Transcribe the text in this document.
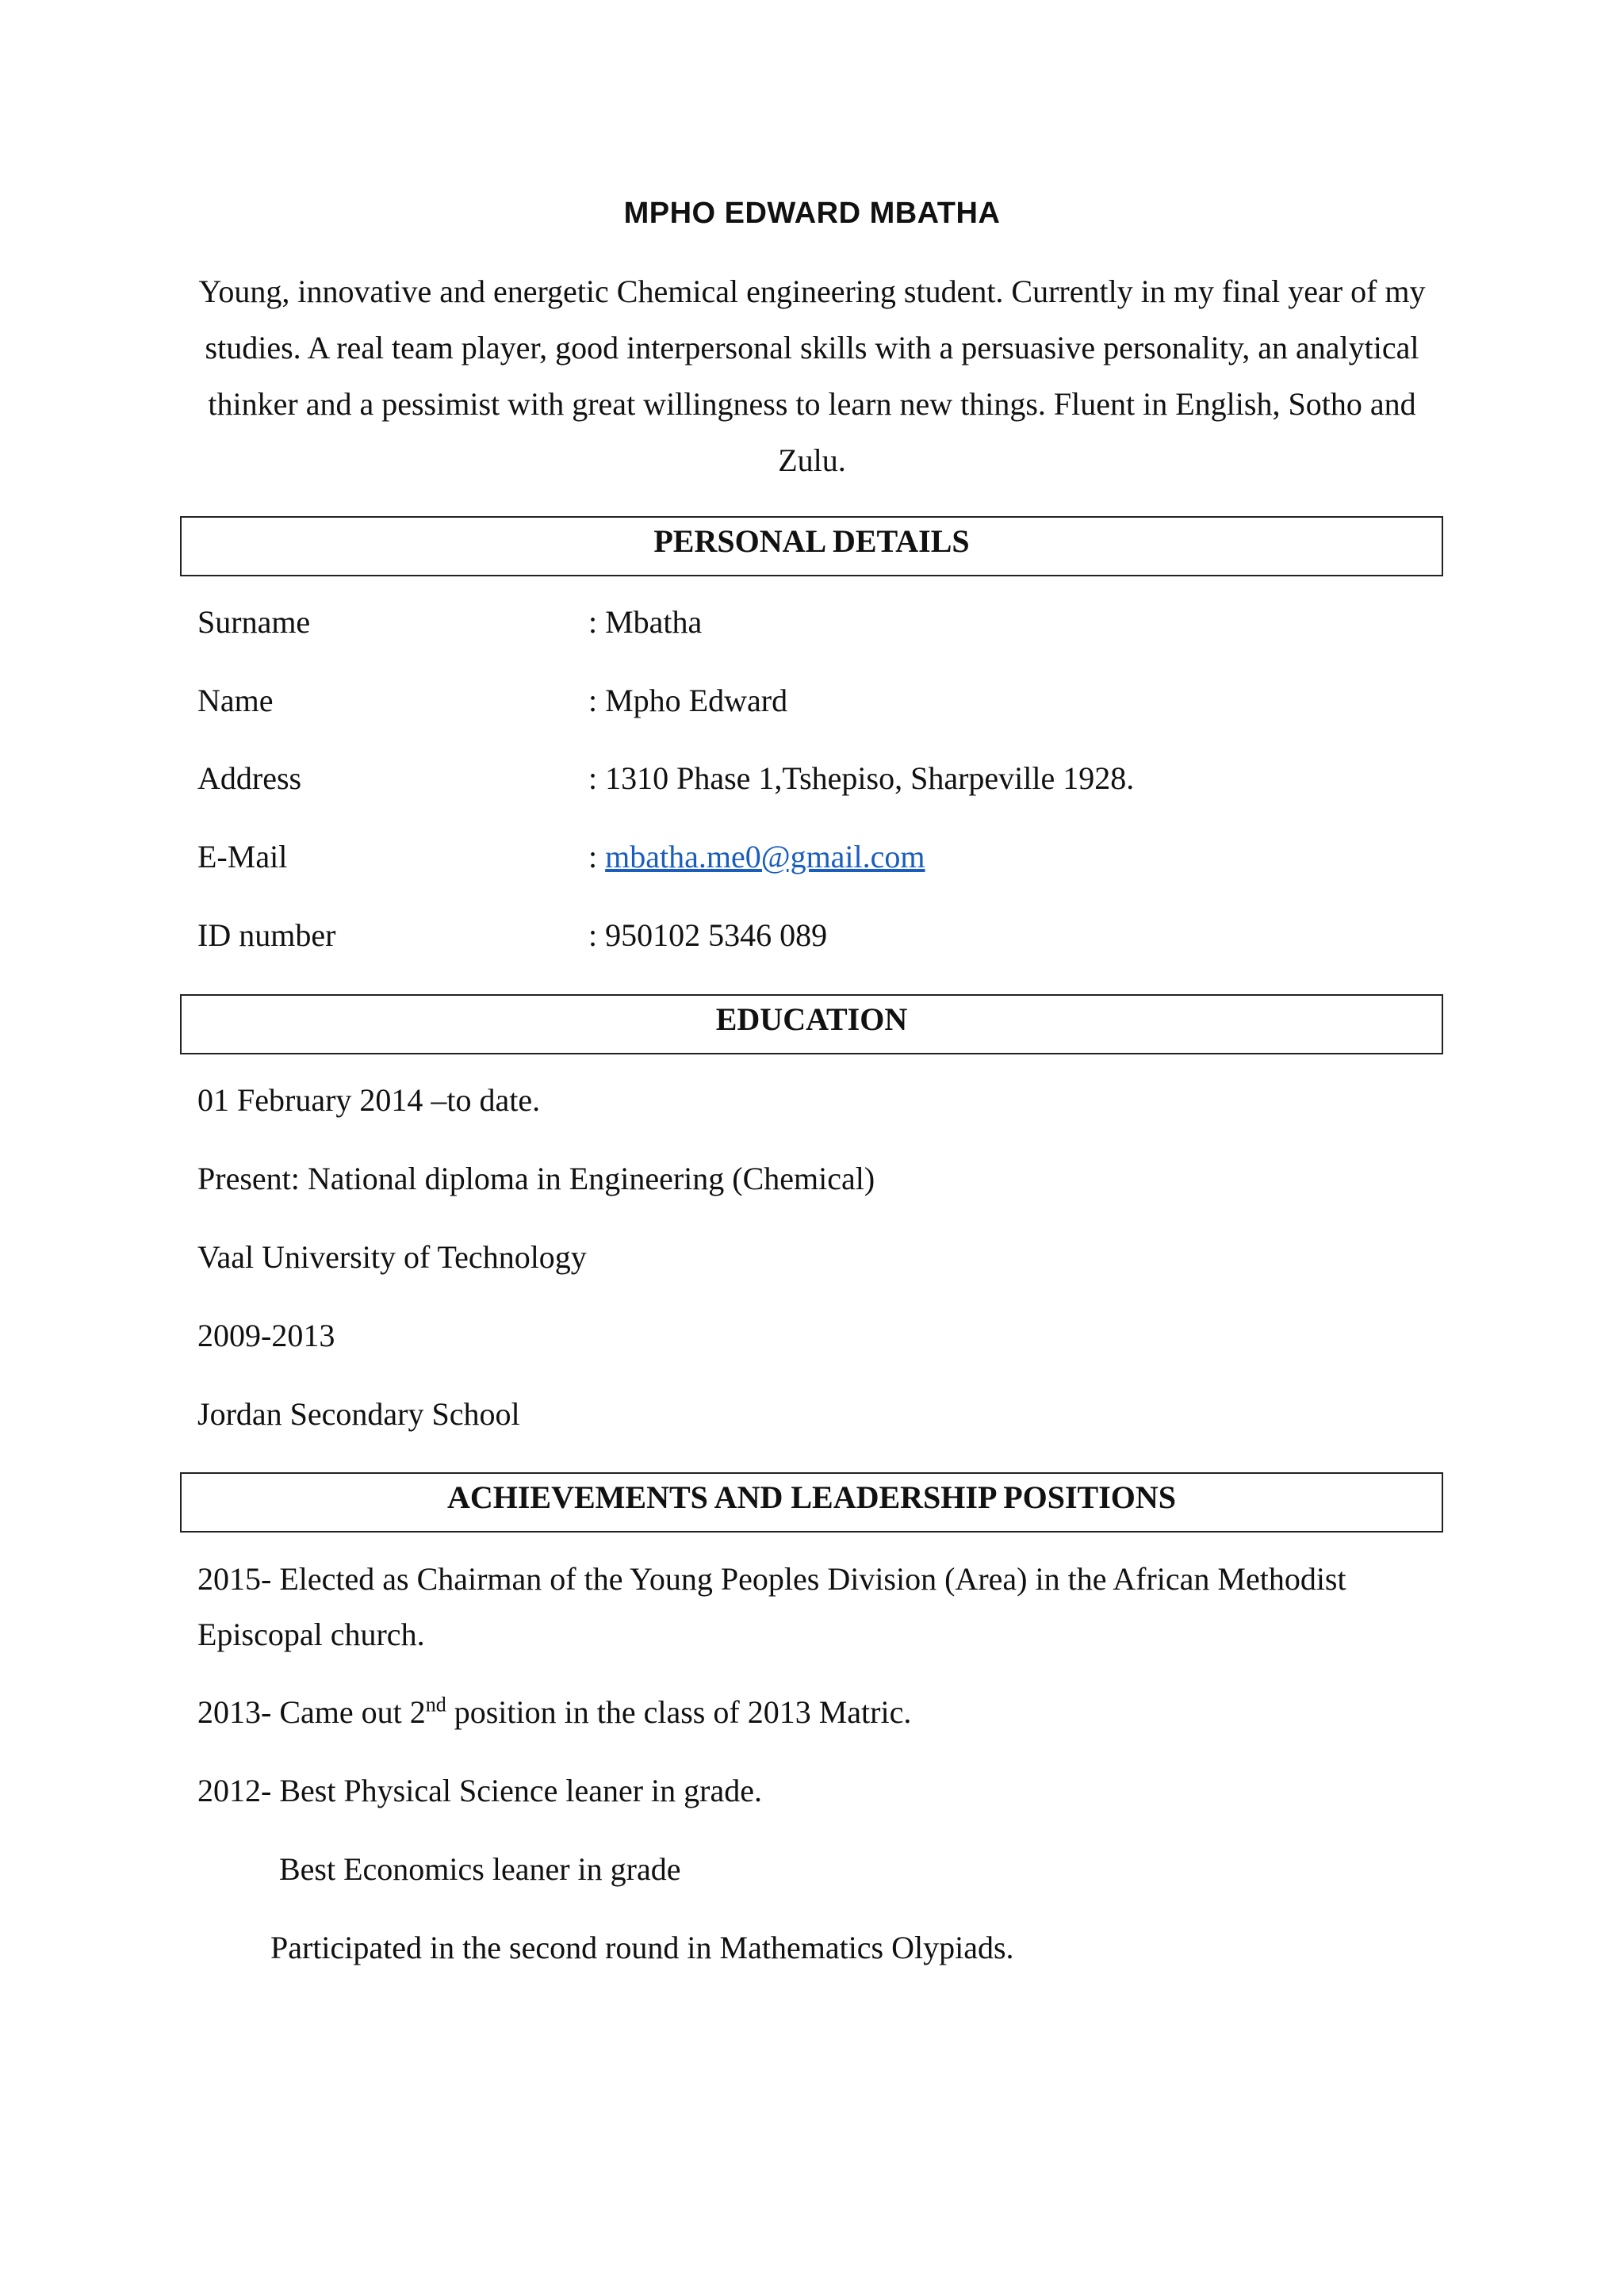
MPHO EDWARD MBATHA
Young, innovative and energetic Chemical engineering student. Currently in my final year of my studies. A real team player, good interpersonal skills with a persuasive personality, an analytical thinker and a pessimist with great willingness to learn new things. Fluent in English, Sotho and Zulu.
PERSONAL DETAILS
Surname	: Mbatha
Name	: Mpho Edward
Address	: 1310 Phase 1,Tshepiso, Sharpeville 1928.
E-Mail	: mbatha.me0@gmail.com
ID number	: 950102 5346 089
EDUCATION
01 February 2014 –to date.
Present: National diploma in Engineering (Chemical)
Vaal University of Technology
2009-2013
Jordan Secondary School
ACHIEVEMENTS AND LEADERSHIP POSITIONS
2015- Elected as Chairman of the Young Peoples Division (Area) in the African Methodist
Episcopal church.
2013- Came out 2nd position in the class of 2013 Matric.
2012- Best Physical Science leaner in grade.
Best Economics leaner in grade
Participated in the second round in Mathematics Olypiads.
